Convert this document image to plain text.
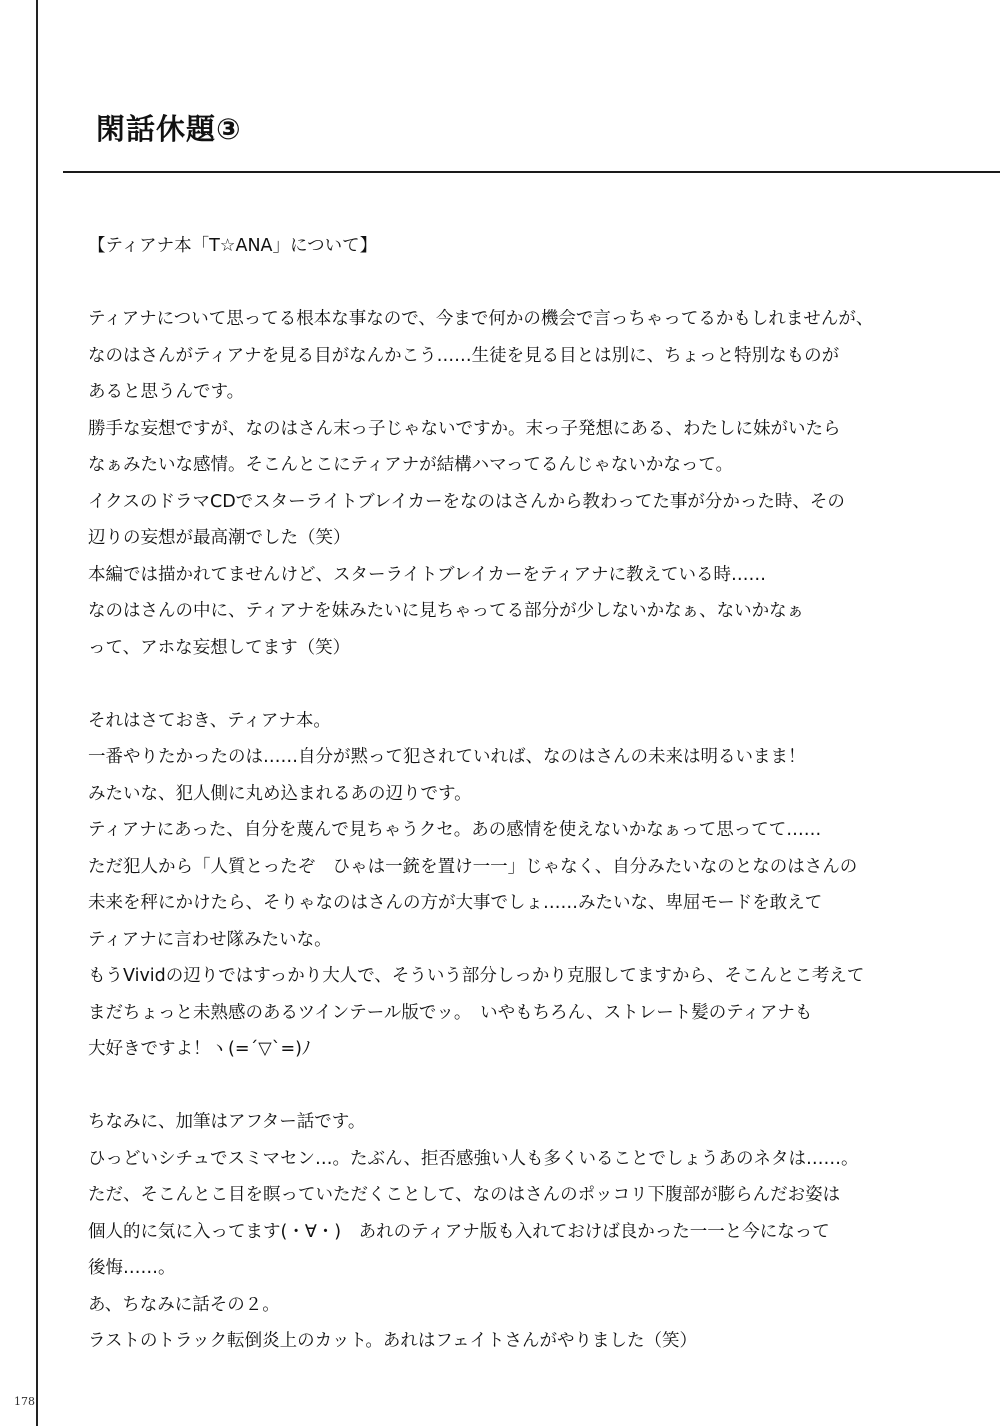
閑話休題③

【ティアナ本「T☆ANA」について】

ティアナについて思ってる根本な事なので、今まで何かの機会で言っちゃってるかもしれませんが、

なのはさんがティアナを見る目がなんかこう……生徒を見る目とは別に、ちょっと特別なものが

あると思うんです。

勝手な妄想ですが、なのはさん末っ子じゃないですか。末っ子発想にある、わたしに妹がいたら

なぁみたいな感情。そこんとこにティアナが結構ハマってるんじゃないかなって。

イクスのドラマCDでスターライトブレイカーをなのはさんから教わってた事が分かった時、その

辺りの妄想が最高潮でした（笑）

本編では描かれてませんけど、スターライトブレイカーをティアナに教えている時……

なのはさんの中に、ティアナを妹みたいに見ちゃってる部分が少しないかなぁ、ないかなぁ

って、アホな妄想してます（笑）

それはさておき、ティアナ本。

一番やりたかったのは……自分が黙って犯されていれば、なのはさんの未来は明るいまま！

みたいな、犯人側に丸め込まれるあの辺りです。

ティアナにあった、自分を蔑んで見ちゃうクセ。あの感情を使えないかなぁって思ってて……

ただ犯人から「人質とったぞ　ひゃは一銃を置け一一」じゃなく、自分みたいなのとなのはさんの

未来を秤にかけたら、そりゃなのはさんの方が大事でしょ……みたいな、卑屈モードを敢えて

ティアナに言わせ隊みたいな。

もうVividの辺りではすっかり大人で、そういう部分しっかり克服してますから、そこんとこ考えて

まだちょっと未熟感のあるツインテール版でッ。　いやもちろん、ストレート髪のティアナも

大好きですよ！ヽ(=´▽`=)ﾉ

ちなみに、加筆はアフター話です。

ひっどいシチュでスミマセン…。たぶん、拒否感強い人も多くいることでしょうあのネタは……。

ただ、そこんとこ目を瞑っていただくことして、なのはさんのポッコリ下腹部が膨らんだお姿は

個人的に気に入ってます(・∀・)　あれのティアナ版も入れておけば良かった一一と今になって

後悔……。

あ、ちなみに話その２。

ラストのトラック転倒炎上のカット。あれはフェイトさんがやりました（笑）

178
